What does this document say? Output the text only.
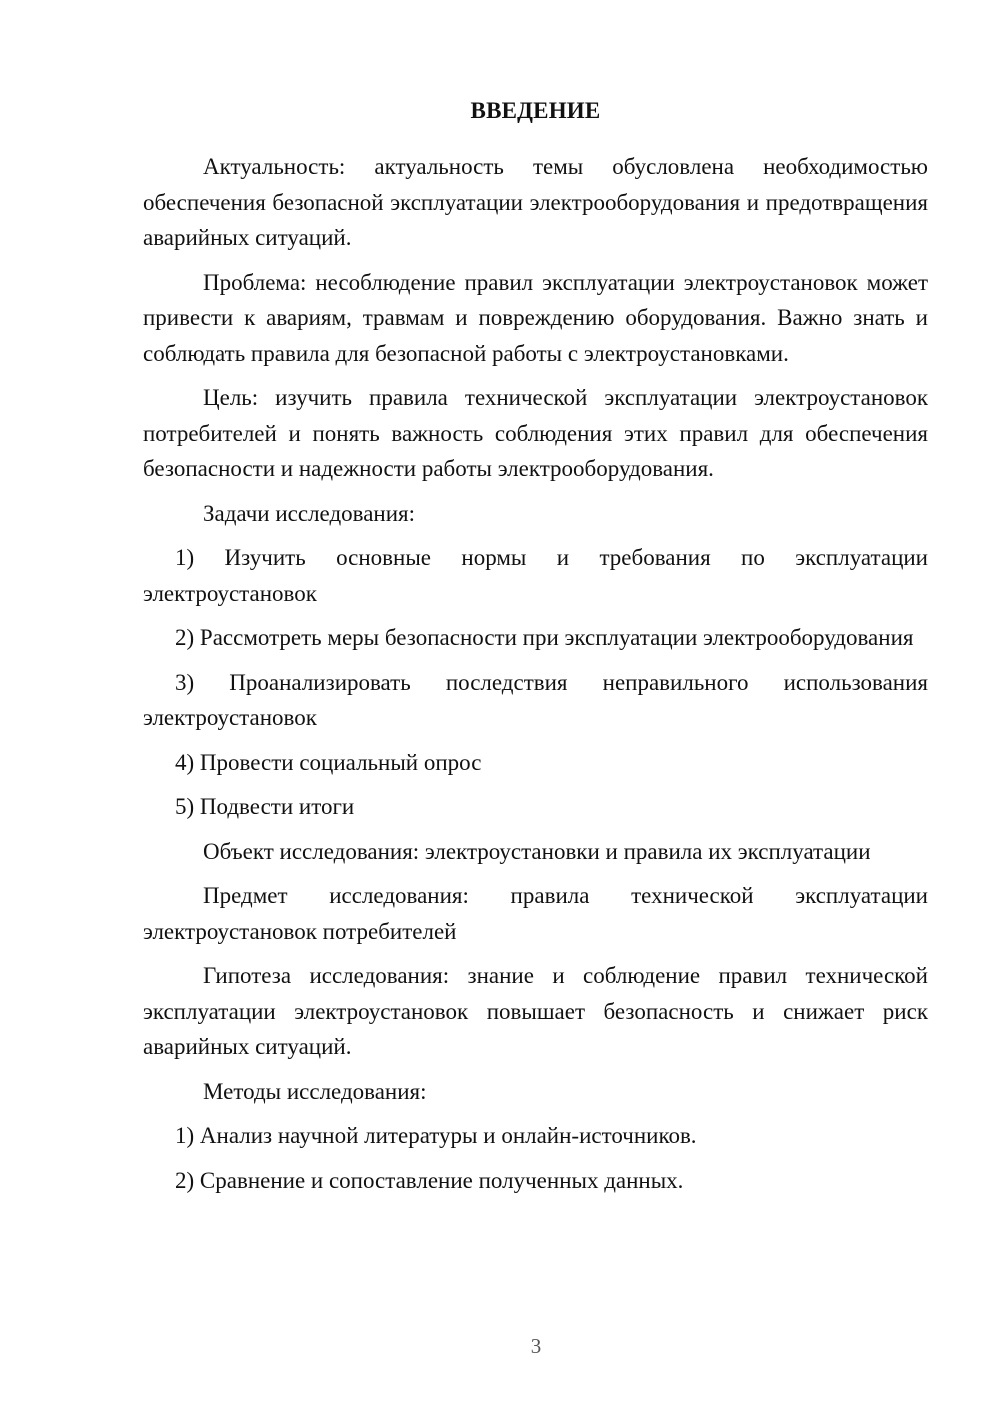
ВВЕДЕНИЕ

Актуальность: актуальность темы обусловлена необходимостью обеспечения безопасной эксплуатации электрооборудования и предотвращения аварийных ситуаций.

Проблема: несоблюдение правил эксплуатации электроустановок может привести к авариям, травмам и повреждению оборудования. Важно знать и соблюдать правила для безопасной работы с электроустановками.

Цель: изучить правила технической эксплуатации электроустановок потребителей и понять важность соблюдения этих правил для обеспечения безопасности и надежности работы электрооборудования.

Задачи исследования:

1) Изучить основные нормы и требования по эксплуатации электроустановок

2) Рассмотреть меры безопасности при эксплуатации электрооборудования

3) Проанализировать последствия неправильного использования электроустановок

4) Провести социальный опрос

5) Подвести итоги

Объект исследования: электроустановки и правила их эксплуатации

Предмет исследования: правила технической эксплуатации электроустановок потребителей

Гипотеза исследования: знание и соблюдение правил технической эксплуатации электроустановок повышает безопасность и снижает риск аварийных ситуаций.

Методы исследования:

1) Анализ научной литературы и онлайн-источников.

2) Сравнение и сопоставление полученных данных.

3
